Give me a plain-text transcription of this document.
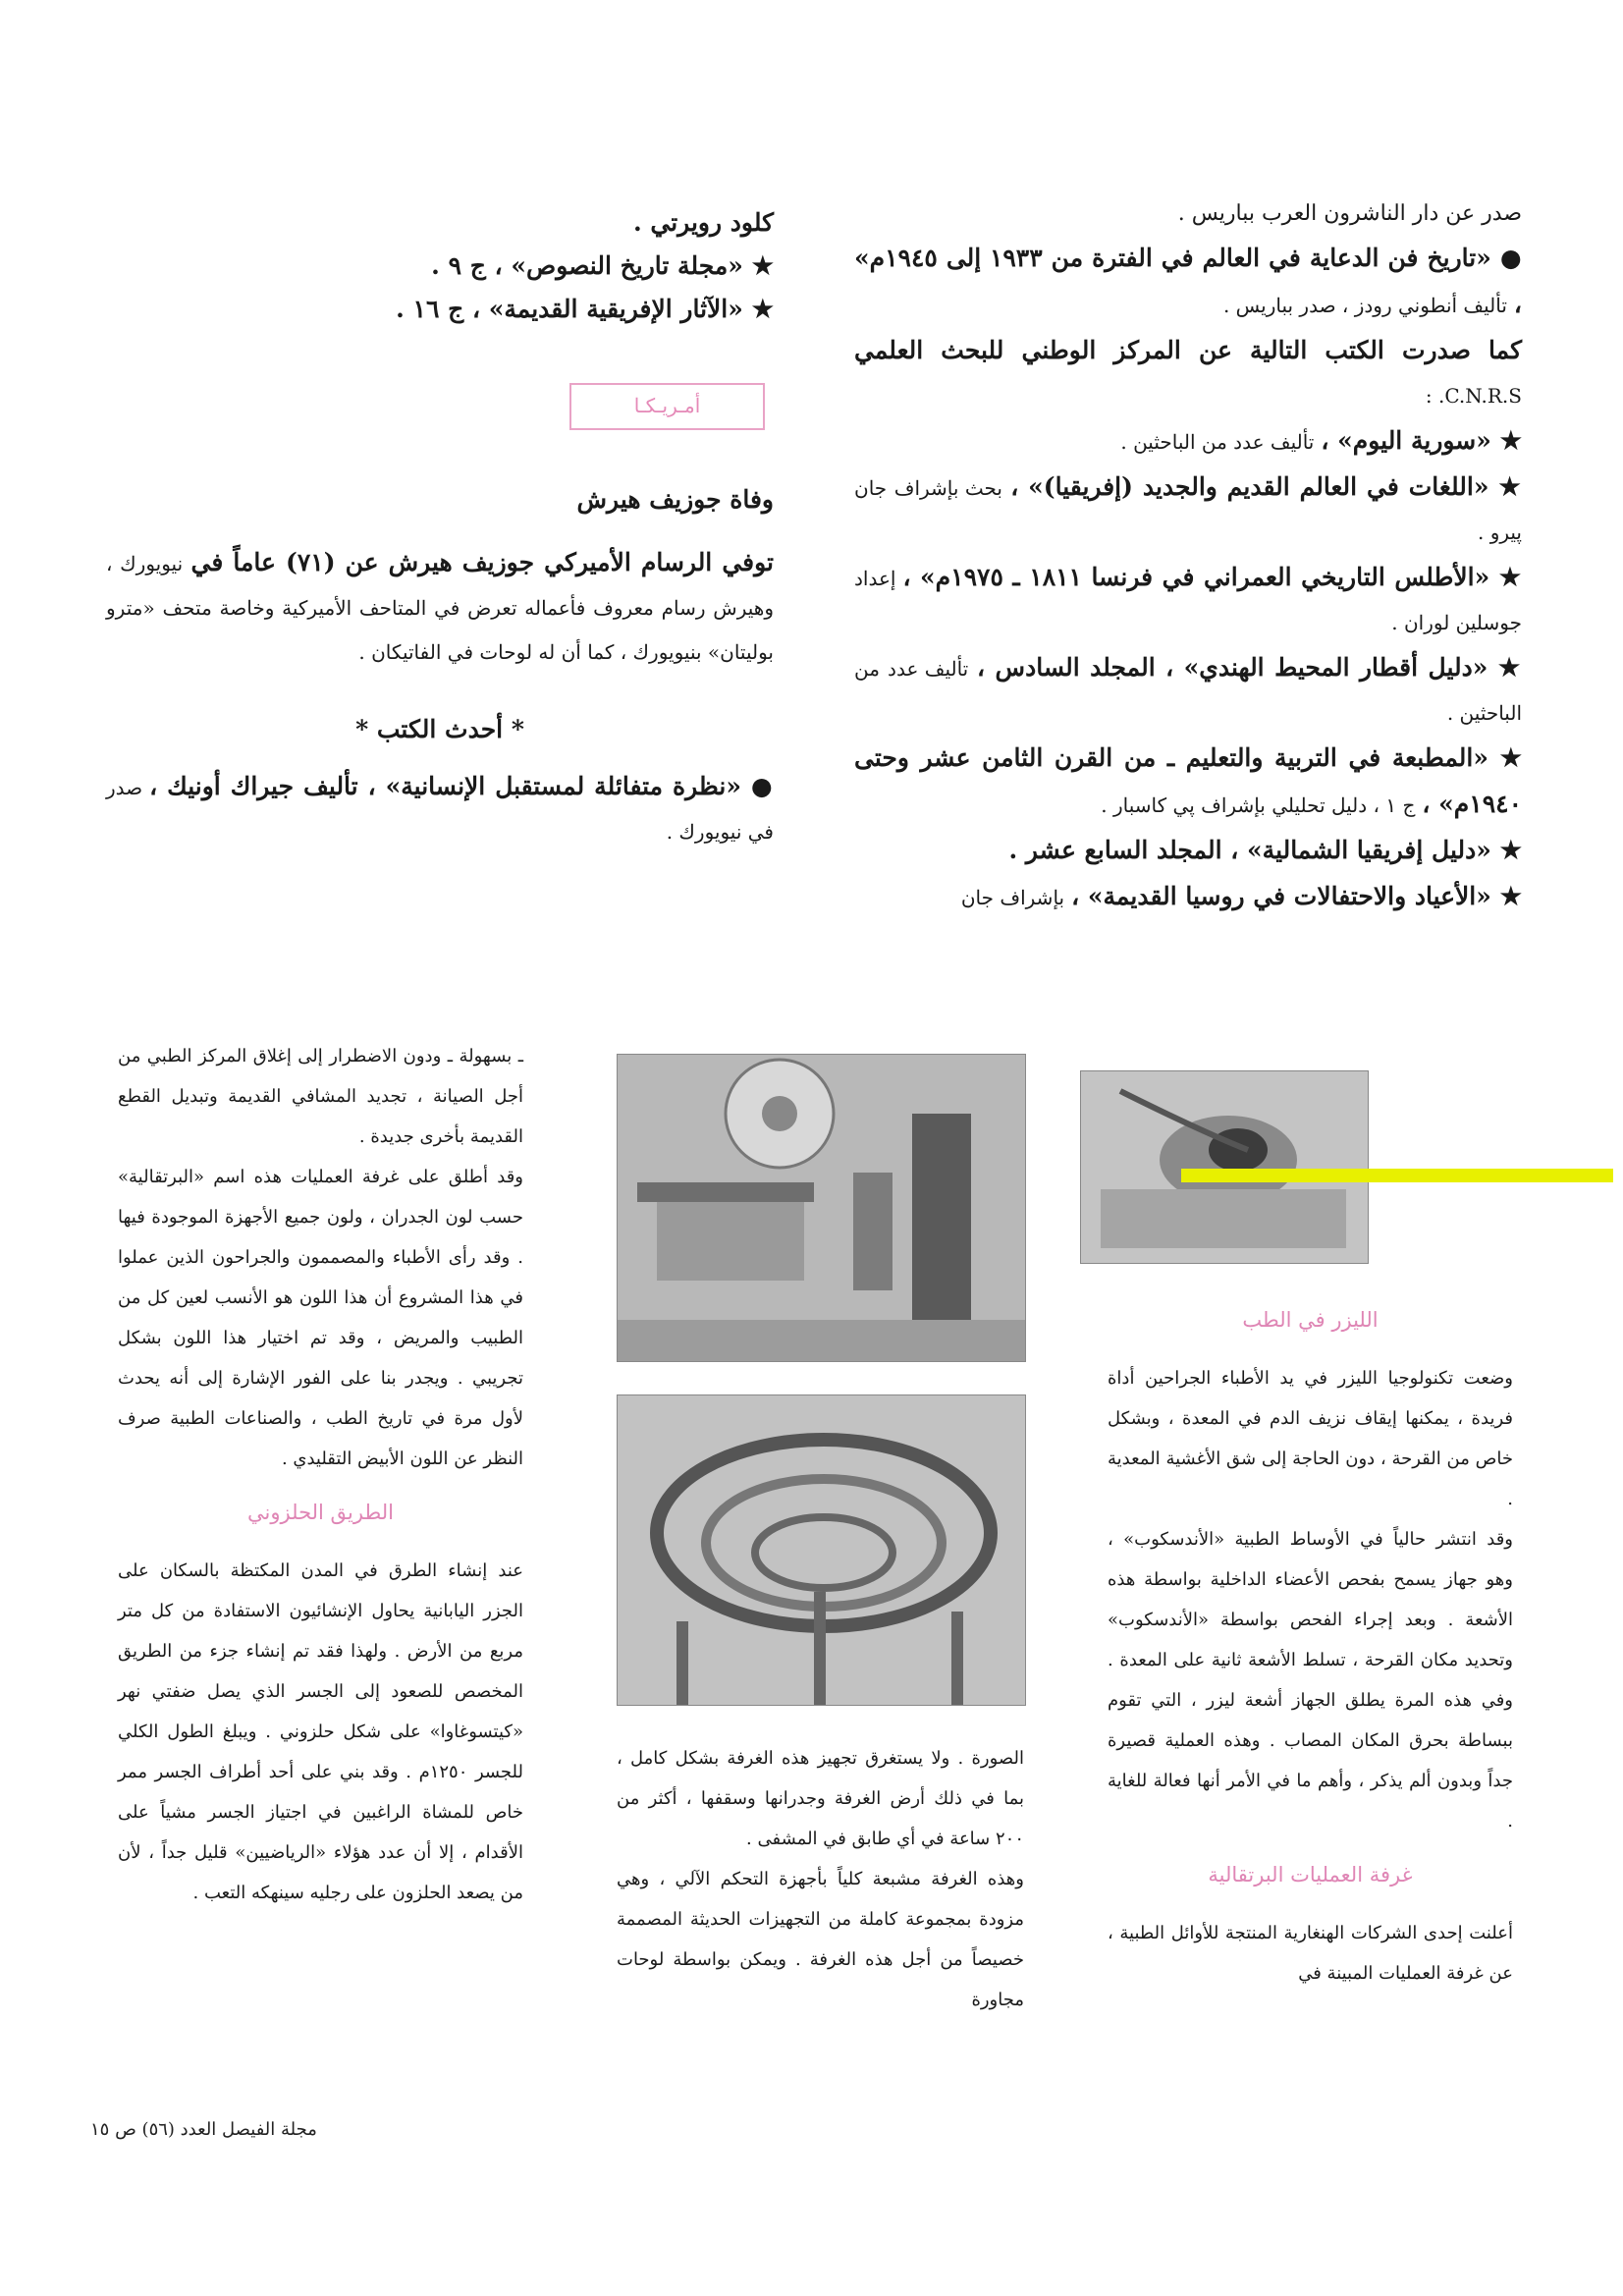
صدر عن دار الناشرون العرب بباريس .

● «تاريخ فن الدعاية في العالم في الفترة من ١٩٣٣ إلى ١٩٤٥م» ، تأليف أنطوني رودز ، صدر بباريس .

كما صدرت الكتب التالية عن المركز الوطني للبحث العلمي C.N.R.S. :

★ «سورية اليوم» ، تأليف عدد من الباحثين .

★ «اللغات في العالم القديم والجديد (إفريقيا)» ، بحث بإشراف جان پيرو .

★ «الأطلس التاريخي العمراني في فرنسا ١٨١١ ـ ١٩٧٥م» ، إعداد جوسلين لوران .

★ «دليل أقطار المحيط الهندي» ، المجلد السادس ، تأليف عدد من الباحثين .

★ «المطبعة في التربية والتعليم ـ من القرن الثامن عشر وحتى ١٩٤٠م» ، ج ١ ، دليل تحليلي بإشراف پي كاسبار .

★ «دليل إفريقيا الشمالية» ، المجلد السابع عشر .

★ «الأعياد والاحتفالات في روسيا القديمة» ، بإشراف جان

كلود رويرتي .

★ «مجلة تاريخ النصوص» ، ج ٩ .

★ «الآثار الإفريقية القديمة» ، ج ١٦ .

وفاة جوزيف هيرش

توفي الرسام الأميركي جوزيف هيرش عن (٧١) عاماً في نيويورك ، وهيرش رسام معروف فأعماله تعرض في المتاحف الأميركية وخاصة متحف «مترو بوليتان» بنيويورك ، كما أن له لوحات في الفاتيكان .

* أحدث الكتب *

● «نظرة متفائلة لمستقبل الإنسانية» ، تأليف جيراك أونيك ، صدر في نيويورك .

أمـريـكـا

الليزر في الطب

وضعت تكنولوجيا الليزر في يد الأطباء الجراحين أداة فريدة ، يمكنها إيقاف نزيف الدم في المعدة ، وبشكل خاص من القرحة ، دون الحاجة إلى شق الأغشية المعدية .

وقد انتشر حالياً في الأوساط الطبية «الأندسكوب» ، وهو جهاز يسمح بفحص الأعضاء الداخلية بواسطة هذه الأشعة . وبعد إجراء الفحص بواسطة «الأندسكوب» وتحديد مكان القرحة ، تسلط الأشعة ثانية على المعدة . وفي هذه المرة يطلق الجهاز أشعة ليزر ، التي تقوم ببساطة بحرق المكان المصاب . وهذه العملية قصيرة جداً وبدون ألم يذكر ، وأهم ما في الأمر أنها فعالة للغاية .

غرفة العمليات البرتقالية

أعلنت إحدى الشركات الهنغارية المنتجة للأوائل الطبية ، عن غرفة العمليات المبينة في

الصورة . ولا يستغرق تجهيز هذه الغرفة بشكل كامل ، بما في ذلك أرض الغرفة وجدرانها وسقفها ، أكثر من ٢٠٠ ساعة في أي طابق في المشفى .

وهذه الغرفة مشبعة كلياً بأجهزة التحكم الآلي ، وهي مزودة بمجموعة كاملة من التجهيزات الحديثة المصممة خصيصاً من أجل هذه الغرفة . ويمكن بواسطة لوحات مجاورة

ـ بسهولة ـ ودون الاضطرار إلى إغلاق المركز الطبي من أجل الصيانة ، تجديد المشافي القديمة وتبديل القطع القديمة بأخرى جديدة .

وقد أطلق على غرفة العمليات هذه اسم «البرتقالية» حسب لون الجدران ، ولون جميع الأجهزة الموجودة فيها . وقد رأى الأطباء والمصممون والجراحون الذين عملوا في هذا المشروع أن هذا اللون هو الأنسب لعين كل من الطبيب والمريض ، وقد تم اختيار هذا اللون بشكل تجريبي . ويجدر بنا على الفور الإشارة إلى أنه يحدث لأول مرة في تاريخ الطب ، والصناعات الطبية صرف النظر عن اللون الأبيض التقليدي .

الطريق الحلزوني

عند إنشاء الطرق في المدن المكتظة بالسكان على الجزر اليابانية يحاول الإنشائيون الاستفادة من كل متر مربع من الأرض . ولهذا فقد تم إنشاء جزء من الطريق المخصص للصعود إلى الجسر الذي يصل ضفتي نهر «كيتسوغاوا» على شكل حلزوني . ويبلغ الطول الكلي للجسر ١٢٥٠م . وقد بني على أحد أطراف الجسر ممر خاص للمشاة الراغبين في اجتياز الجسر مشياً على الأقدام ، إلا أن عدد هؤلاء «الرياضيين» قليل جداً ، لأن من يصعد الحلزون على رجليه سينهكه التعب .

مجلة الفيصل العدد (٥٦) ص ١٥
